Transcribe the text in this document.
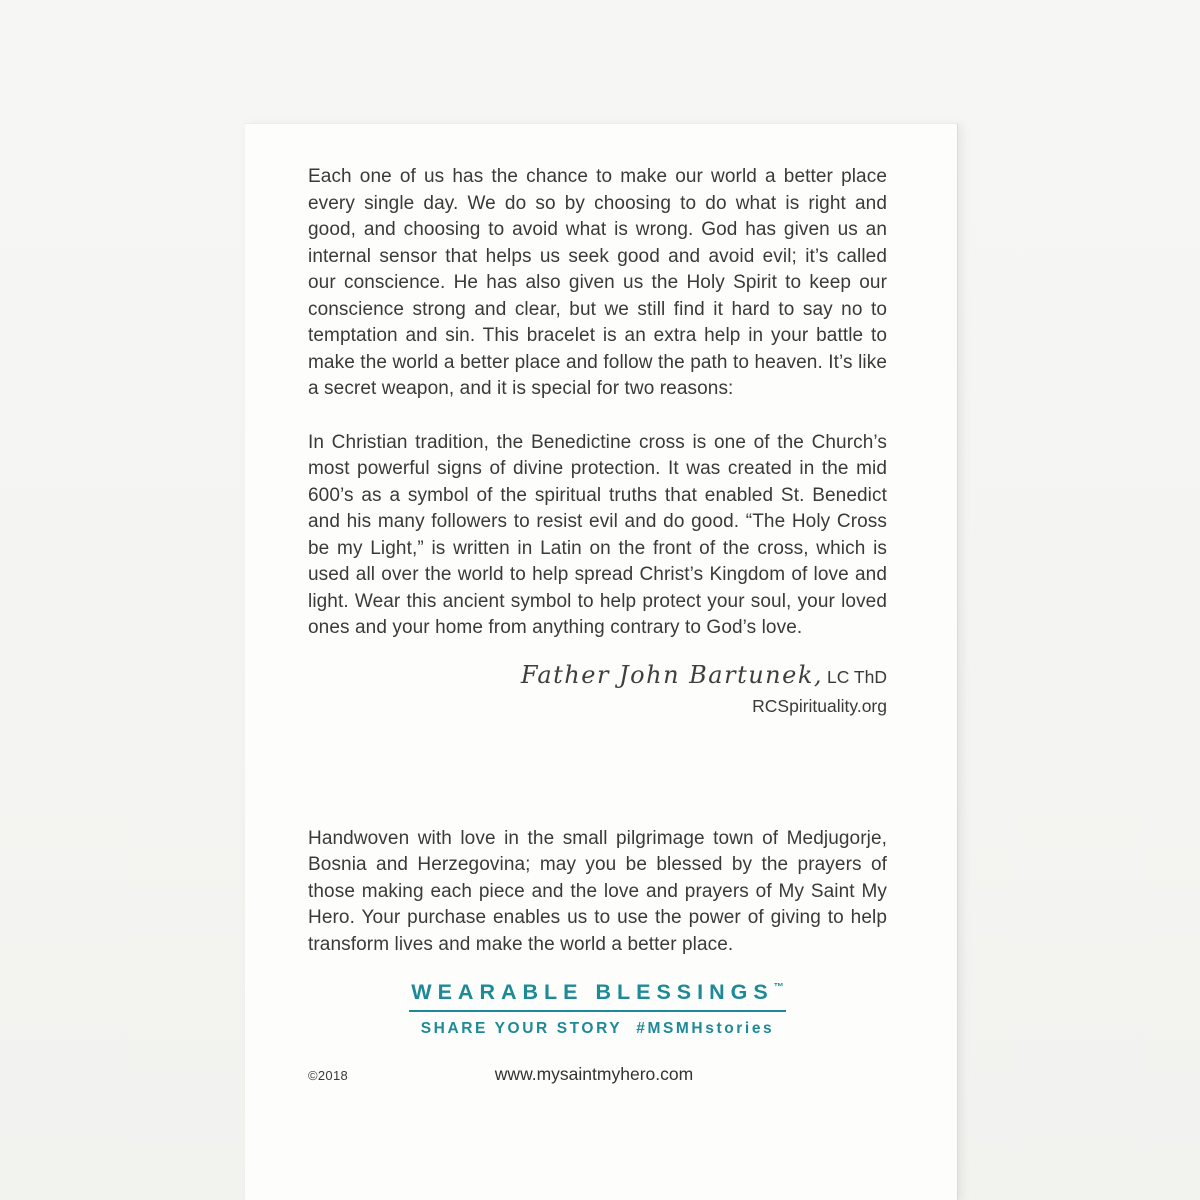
Each one of us has the chance to make our world a better place every single day. We do so by choosing to do what is right and good, and choosing to avoid what is wrong. God has given us an internal sensor that helps us seek good and avoid evil; it’s called our conscience. He has also given us the Holy Spirit to keep our conscience strong and clear, but we still find it hard to say no to temptation and sin. This bracelet is an extra help in your battle to make the world a better place and follow the path to heaven. It’s like a secret weapon, and it is special for two reasons:

In Christian tradition, the Benedictine cross is one of the Church’s most powerful signs of divine protection. It was created in the mid 600’s as a symbol of the spiritual truths that enabled St. Benedict and his many followers to resist evil and do good. “The Holy Cross be my Light,” is written in Latin on the front of the cross, which is used all over the world to help spread Christ’s Kingdom of love and light. Wear this ancient symbol to help protect your soul, your loved ones and your home from anything contrary to God’s love.

Father John Bartunek, LC ThD
RCSpirituality.org

Handwoven with love in the small pilgrimage town of Medjugorje, Bosnia and Herzegovina; may you be blessed by the prayers of those making each piece and the love and prayers of My Saint My Hero. Your purchase enables us to use the power of giving to help transform lives and make the world a better place.

WEARABLE BLESSINGS™
SHARE YOUR STORY #MSMHstories
©2018	www.mysaintmyhero.com
